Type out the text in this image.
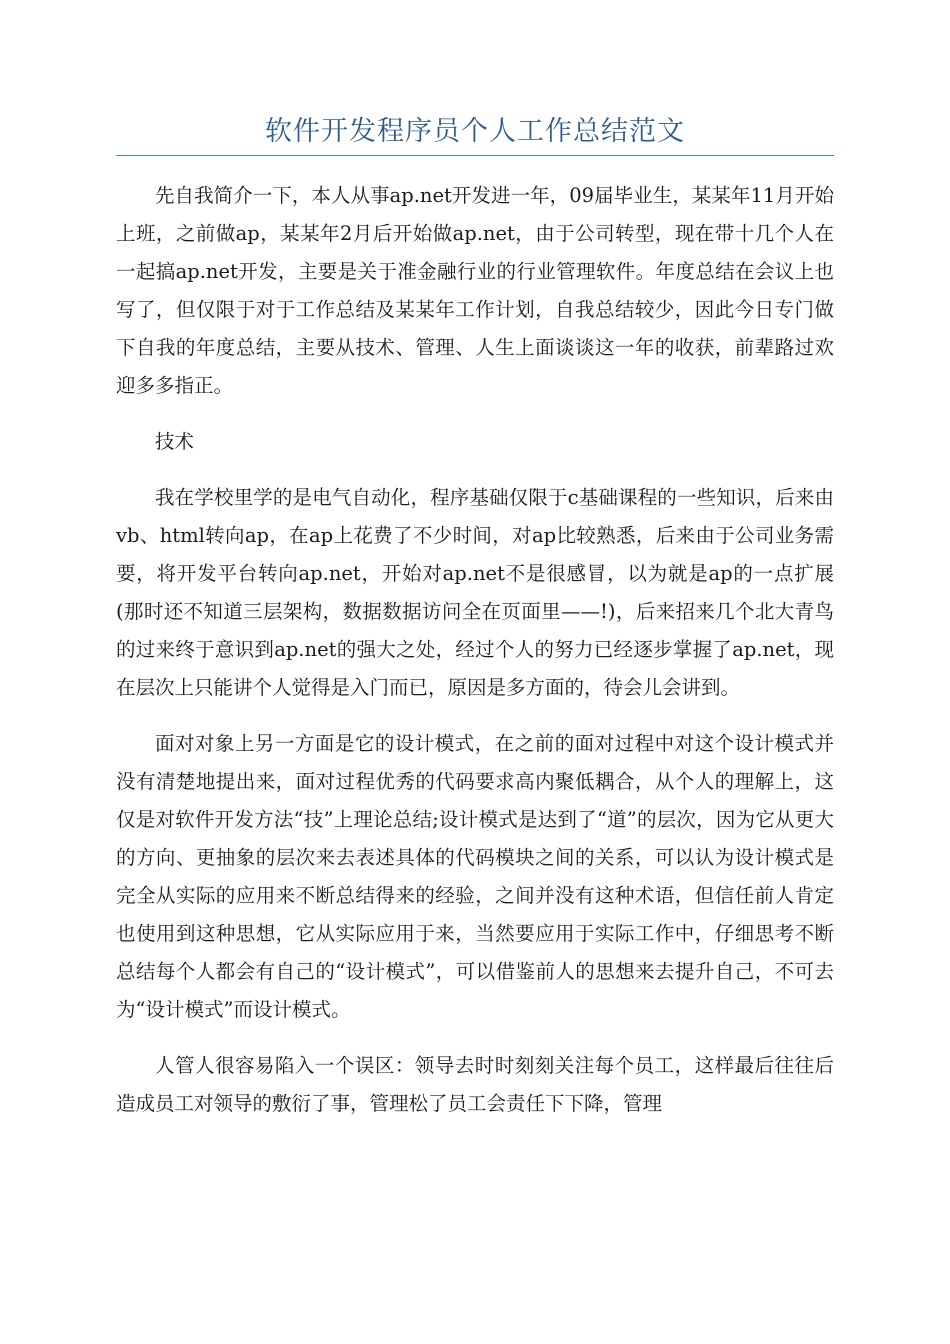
软件开发程序员个人工作总结范文

先自我简介一下，本人从事ap.net开发进一年，09届毕业生，某某年11月开始上班，之前做ap，某某年2月后开始做ap.net，由于公司转型，现在带十几个人在一起搞ap.net开发，主要是关于准金融行业的行业管理软件。年度总结在会议上也写了，但仅限于对于工作总结及某某年工作计划，自我总结较少，因此今日专门做下自我的年度总结，主要从技术、管理、人生上面谈谈这一年的收获，前辈路过欢迎多多指正。

技术

我在学校里学的是电气自动化，程序基础仅限于c基础课程的一些知识，后来由vb、html转向ap，在ap上花费了不少时间，对ap比较熟悉，后来由于公司业务需要，将开发平台转向ap.net，开始对ap.net不是很感冒，以为就是ap的一点扩展(那时还不知道三层架构，数据数据访问全在页面里——!)，后来招来几个北大青鸟的过来终于意识到ap.net的强大之处，经过个人的努力已经逐步掌握了ap.net，现在层次上只能讲个人觉得是入门而已，原因是多方面的，待会儿会讲到。

面对对象上另一方面是它的设计模式，在之前的面对过程中对这个设计模式并没有清楚地提出来，面对过程优秀的代码要求高内聚低耦合，从个人的理解上，这仅是对软件开发方法“技”上理论总结;设计模式是达到了“道”的层次，因为它从更大的方向、更抽象的层次来去表述具体的代码模块之间的关系，可以认为设计模式是完全从实际的应用来不断总结得来的经验，之间并没有这种术语，但信任前人肯定也使用到这种思想，它从实际应用于来，当然要应用于实际工作中，仔细思考不断总结每个人都会有自己的“设计模式”，可以借鉴前人的思想来去提升自己，不可去为“设计模式”而设计模式。

人管人很容易陷入一个误区：领导去时时刻刻关注每个员工，这样最后往往后造成员工对领导的敷衍了事，管理松了员工会责任下下降，管理
